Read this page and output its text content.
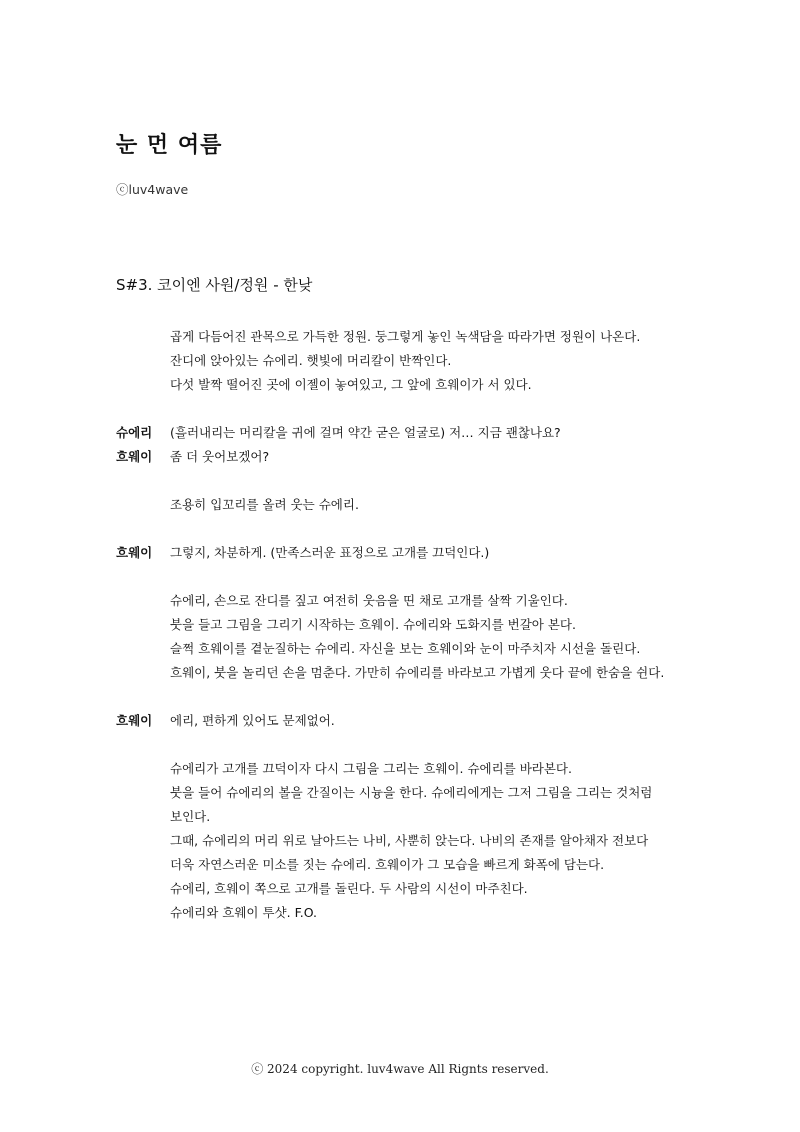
눈 먼 여름
ⓒluv4wave
S#3. 코이엔 사원/정원 - 한낮
곱게 다듬어진 관목으로 가득한 정원. 둥그렇게 놓인 녹색담을 따라가면 정원이 나온다.
잔디에 앉아있는 슈에리. 햇빛에 머리칼이 반짝인다.
다섯 발짝 떨어진 곳에 이젤이 놓여있고, 그 앞에 흐웨이가 서 있다.
슈에리	(흘러내리는 머리칼을 귀에 걸며 약간 굳은 얼굴로) 저… 지금 괜찮나요?
흐웨이	좀 더 웃어보겠어?
조용히 입꼬리를 올려 웃는 슈에리.
흐웨이	그렇지, 차분하게. (만족스러운 표정으로 고개를 끄덕인다.)
슈에리, 손으로 잔디를 짚고 여전히 웃음을 띤 채로 고개를 살짝 기울인다.
붓을 들고 그림을 그리기 시작하는 흐웨이. 슈에리와 도화지를 번갈아 본다.
슬쩍 흐웨이를 곁눈질하는 슈에리. 자신을 보는 흐웨이와 눈이 마주치자 시선을 돌린다.
흐웨이, 붓을 놀리던 손을 멈춘다. 가만히 슈에리를 바라보고 가볍게 웃다 끝에 한숨을 쉰다.
흐웨이	에리, 편하게 있어도 문제없어.
슈에리가 고개를 끄덕이자 다시 그림을 그리는 흐웨이. 슈에리를 바라본다.
붓을 들어 슈에리의 볼을 간질이는 시늉을 한다. 슈에리에게는 그저 그림을 그리는 것처럼
보인다.
그때, 슈에리의 머리 위로 날아드는 나비, 사뿐히 앉는다. 나비의 존재를 알아채자 전보다
더욱 자연스러운 미소를 짓는 슈에리. 흐웨이가 그 모습을 빠르게 화폭에 담는다.
슈에리, 흐웨이 쪽으로 고개를 돌린다. 두 사람의 시선이 마주친다.
슈에리와 흐웨이 투샷. F.O.
ⓒ 2024 copyright. luv4wave All Rignts reserved.
